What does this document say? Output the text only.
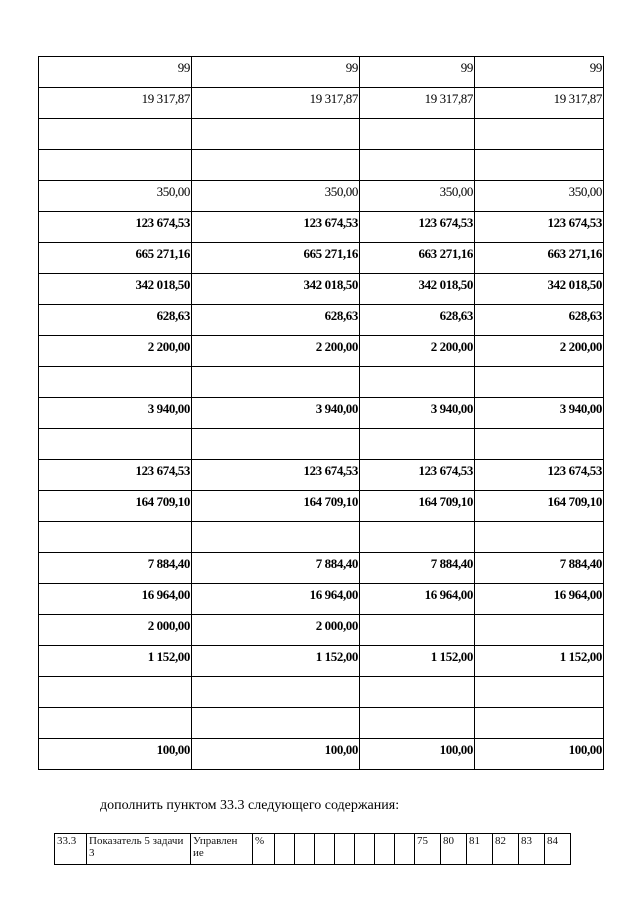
99	99	99	99

19 317,87	19 317,87	19 317,87	19 317,87

350,00	350,00	350,00	350,00

123 674,53	123 674,53	123 674,53	123 674,53

665 271,16	665 271,16	663 271,16	663 271,16

342 018,50	342 018,50	342 018,50	342 018,50

628,63	628,63	628,63	628,63

2 200,00	2 200,00	2 200,00	2 200,00

3 940,00	3 940,00	3 940,00	3 940,00

123 674,53	123 674,53	123 674,53	123 674,53

164 709,10	164 709,10	164 709,10	164 709,10

7 884,40	7 884,40	7 884,40	7 884,40

16 964,00	16 964,00	16 964,00	16 964,00

2 000,00	2 000,00		

1 152,00	1 152,00	1 152,00	1 152,00

100,00	100,00	100,00	100,00
дополнить пунктом 33.3 следующего содержания:
33.3	Показатель 5 задачи 3	Управлен ие	%								75	80	81	82	83	84
